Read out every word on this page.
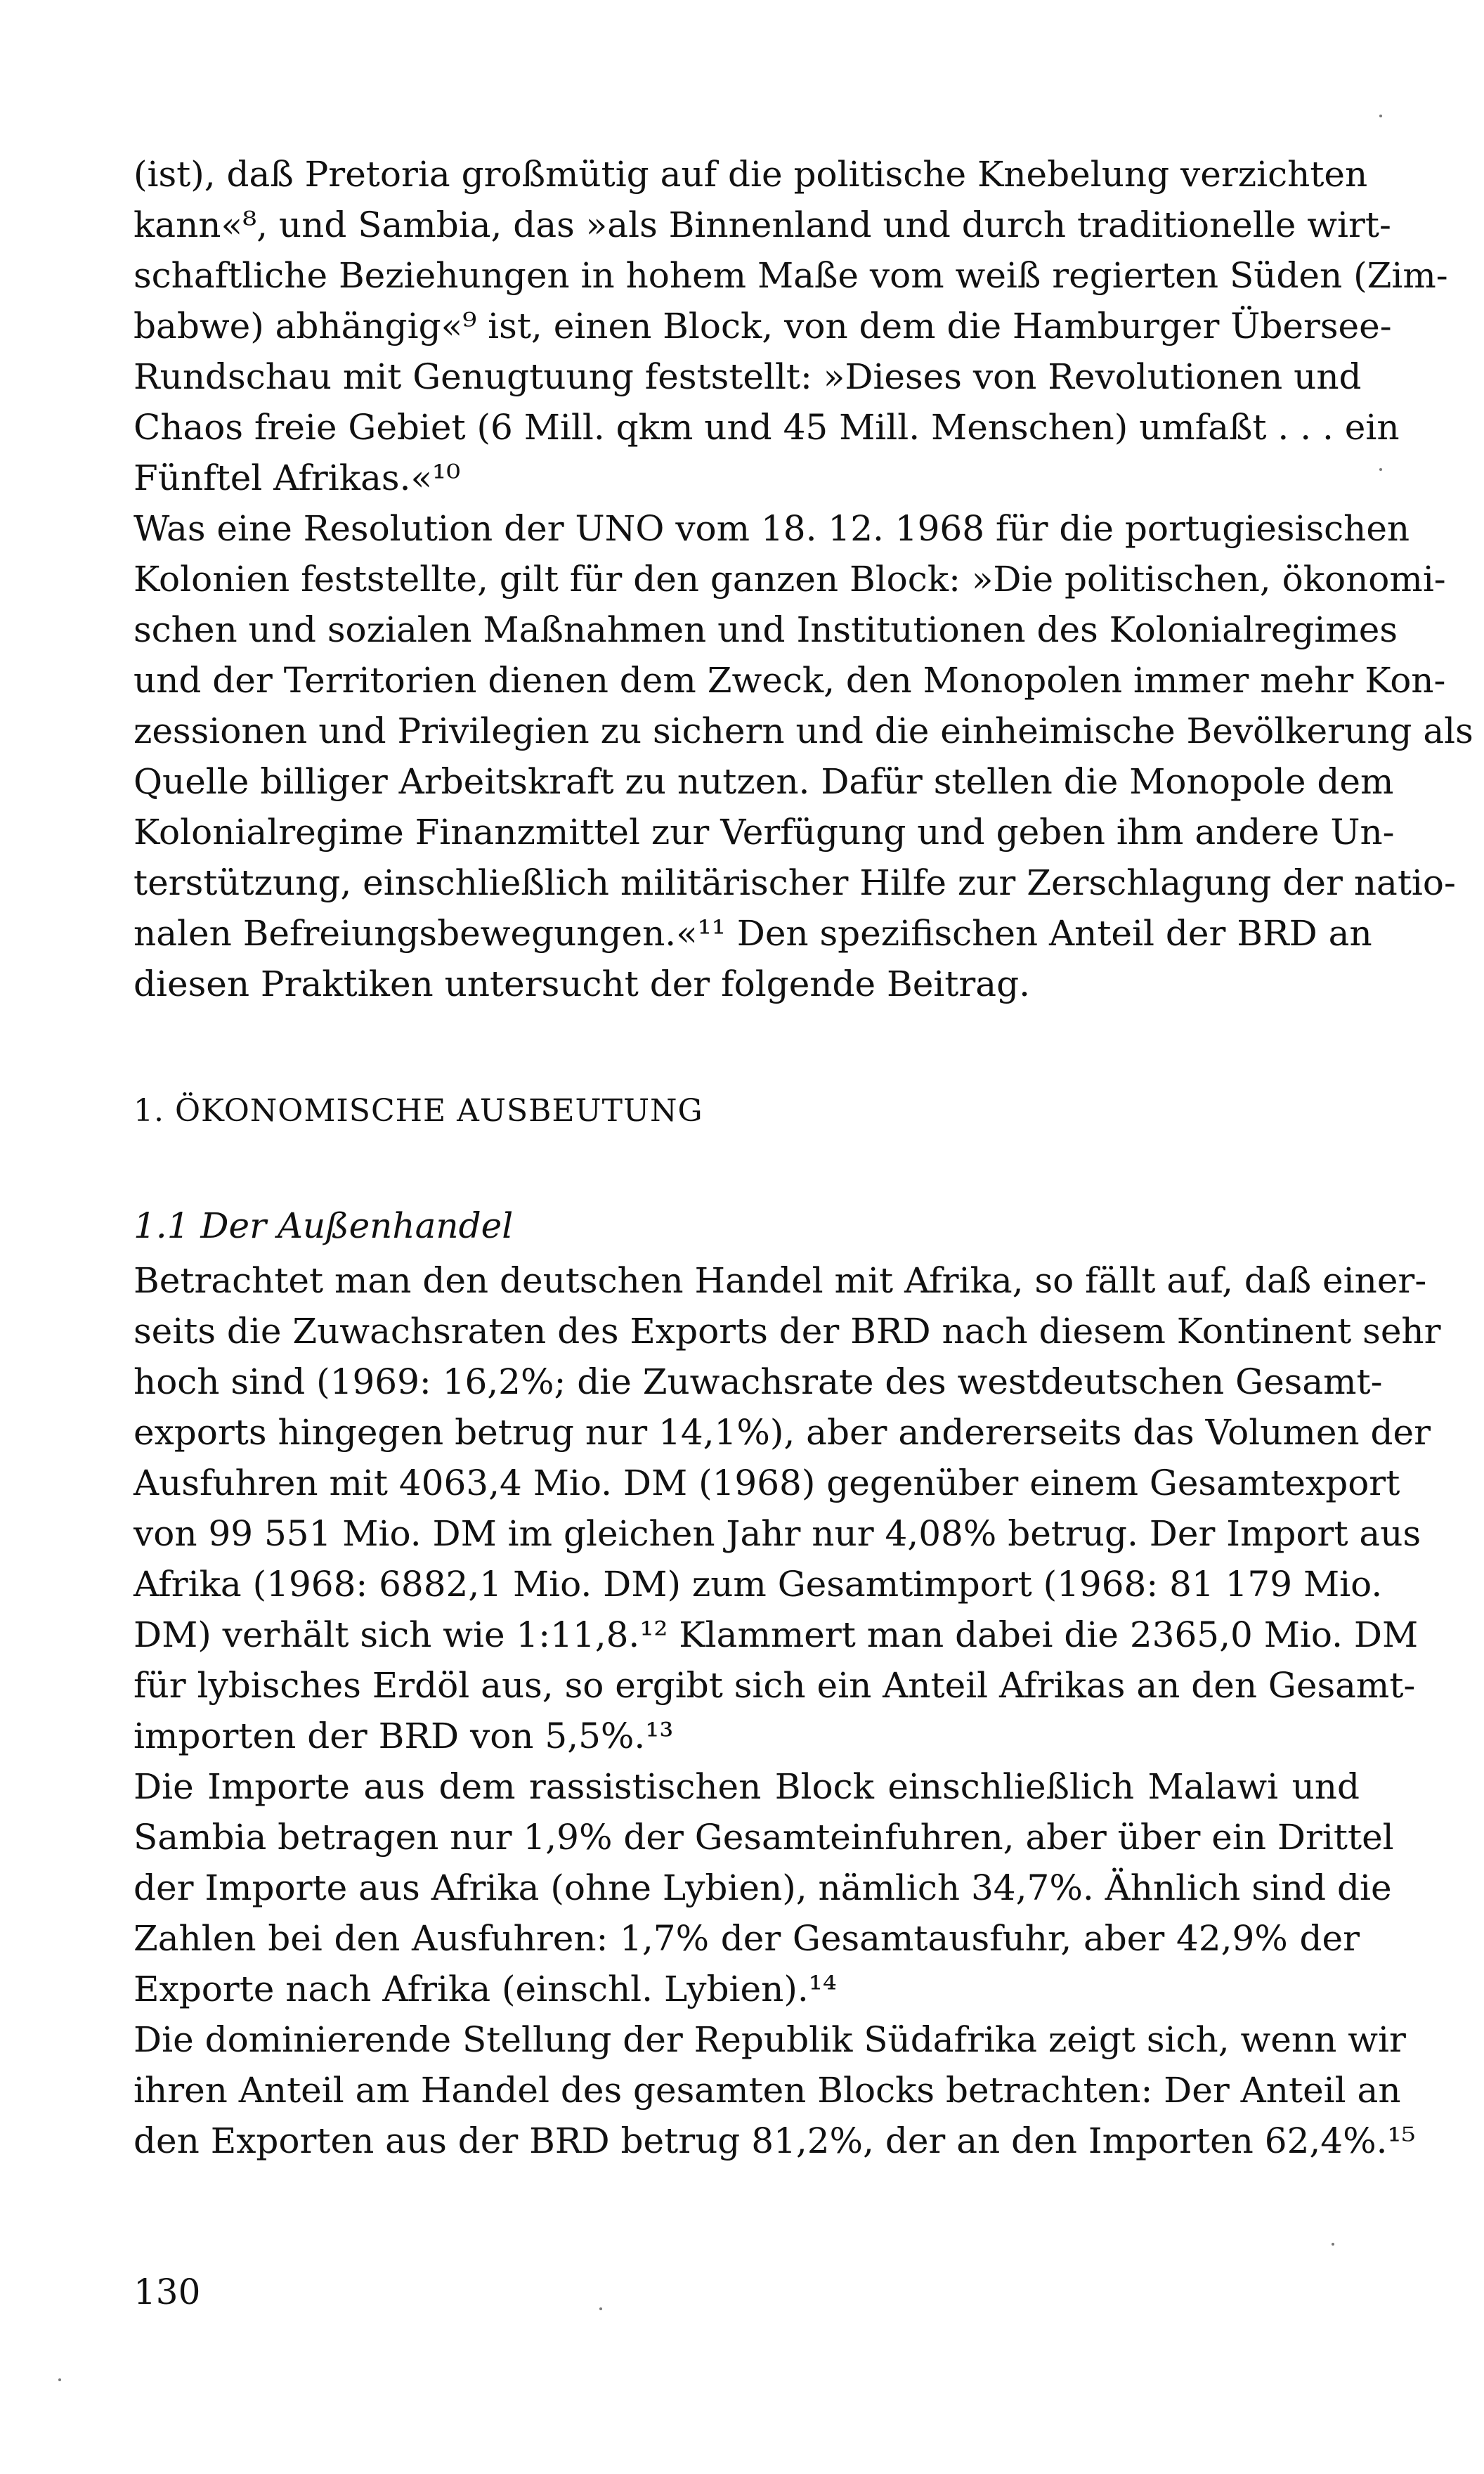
(ist), daß Pretoria großmütig auf die politische Knebelung verzichten
kann«⁸, und Sambia, das »als Binnenland und durch traditionelle wirt-
schaftliche Beziehungen in hohem Maße vom weiß regierten Süden (Zim-
babwe) abhängig«⁹ ist, einen Block, von dem die Hamburger Übersee-
Rundschau mit Genugtuung feststellt: »Dieses von Revolutionen und
Chaos freie Gebiet (6 Mill. qkm und 45 Mill. Menschen) umfaßt . . . ein
Fünftel Afrikas.«¹⁰
Was eine Resolution der UNO vom 18. 12. 1968 für die portugiesischen
Kolonien feststellte, gilt für den ganzen Block: »Die politischen, ökonomi-
schen und sozialen Maßnahmen und Institutionen des Kolonialregimes
und der Territorien dienen dem Zweck, den Monopolen immer mehr Kon-
zessionen und Privilegien zu sichern und die einheimische Bevölkerung als
Quelle billiger Arbeitskraft zu nutzen. Dafür stellen die Monopole dem
Kolonialregime Finanzmittel zur Verfügung und geben ihm andere Un-
terstützung, einschließlich militärischer Hilfe zur Zerschlagung der natio-
nalen Befreiungsbewegungen.«¹¹ Den spezifischen Anteil der BRD an
diesen Praktiken untersucht der folgende Beitrag.
1. ÖKONOMISCHE AUSBEUTUNG
1.1 Der Außenhandel
Betrachtet man den deutschen Handel mit Afrika, so fällt auf, daß einer-
seits die Zuwachsraten des Exports der BRD nach diesem Kontinent sehr
hoch sind (1969: 16,2%; die Zuwachsrate des westdeutschen Gesamt-
exports hingegen betrug nur 14,1%), aber andererseits das Volumen der
Ausfuhren mit 4063,4 Mio. DM (1968) gegenüber einem Gesamtexport
von 99 551 Mio. DM im gleichen Jahr nur 4,08% betrug. Der Import aus
Afrika (1968: 6882,1 Mio. DM) zum Gesamtimport (1968: 81 179 Mio.
DM) verhält sich wie 1:11,8.¹² Klammert man dabei die 2365,0 Mio. DM
für lybisches Erdöl aus, so ergibt sich ein Anteil Afrikas an den Gesamt-
importen der BRD von 5,5%.¹³
Die Importe aus dem rassistischen Block einschließlich Malawi und
Sambia betragen nur 1,9% der Gesamteinfuhren, aber über ein Drittel
der Importe aus Afrika (ohne Lybien), nämlich 34,7%. Ähnlich sind die
Zahlen bei den Ausfuhren: 1,7% der Gesamtausfuhr, aber 42,9% der
Exporte nach Afrika (einschl. Lybien).¹⁴
Die dominierende Stellung der Republik Südafrika zeigt sich, wenn wir
ihren Anteil am Handel des gesamten Blocks betrachten: Der Anteil an
den Exporten aus der BRD betrug 81,2%, der an den Importen 62,4%.¹⁵
130
